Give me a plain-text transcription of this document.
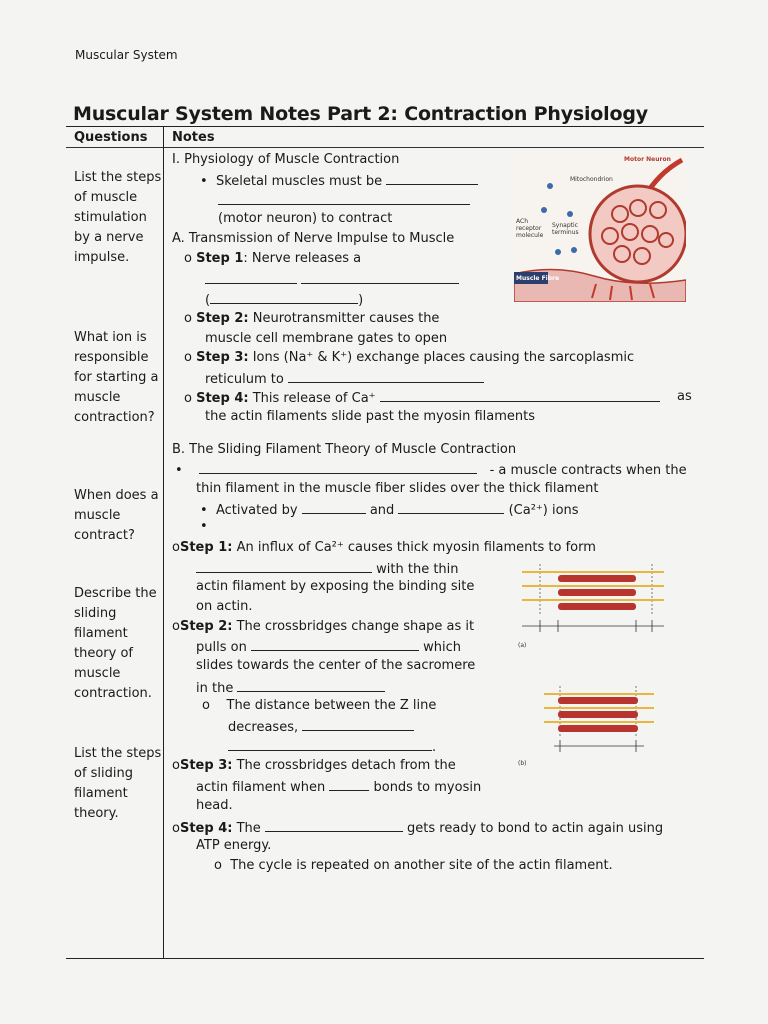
Muscular System
Muscular System Notes Part 2: Contraction Physiology
Questions Notes
List the steps of muscle stimulation by a nerve impulse.
What ion is responsible for starting a muscle contraction?
When does a muscle contract?
Describe the sliding filament theory of muscle contraction.
List the steps of sliding filament theory.
I. Physiology of Muscle Contraction
• Skeletal muscles must be
(motor neuron) to contract
A. Transmission of Nerve Impulse to Muscle
o Step 1: Nerve releases a

(	)
o Step 2: Neurotransmitter causes the
muscle cell membrane gates to open
o Step 3: Ions (Na⁺ & K⁺) exchange places causing the sarcoplasmic
reticulum to
o Step 4: This release of Ca⁺	as
the actin filaments slide past the myosin filaments
B. The Sliding Filament Theory of Muscle Contraction
•	- a muscle contracts when the
thin filament in the muscle fiber slides over the thick filament
• Activated by	and	(Ca²⁺) ions
•
oStep 1: An influx of Ca²⁺ causes thick myosin filaments to form
with the thin
actin filament by exposing the binding site
on actin.
oStep 2: The crossbridges change shape as it
pulls on	which
slides towards the center of the sacromere
in the
o The distance between the Z line
decreases,
.
oStep 3: The crossbridges detach from the
actin filament when	bonds to myosin
head.
oStep 4: The	gets ready to bond to actin again using
ATP energy.
o The cycle is repeated on another site of the actin filament.
Motor Neuron
Mitochondrion
ACh receptor molecule
Synaptic terminus
Muscle Fibre
(a)
(b)
